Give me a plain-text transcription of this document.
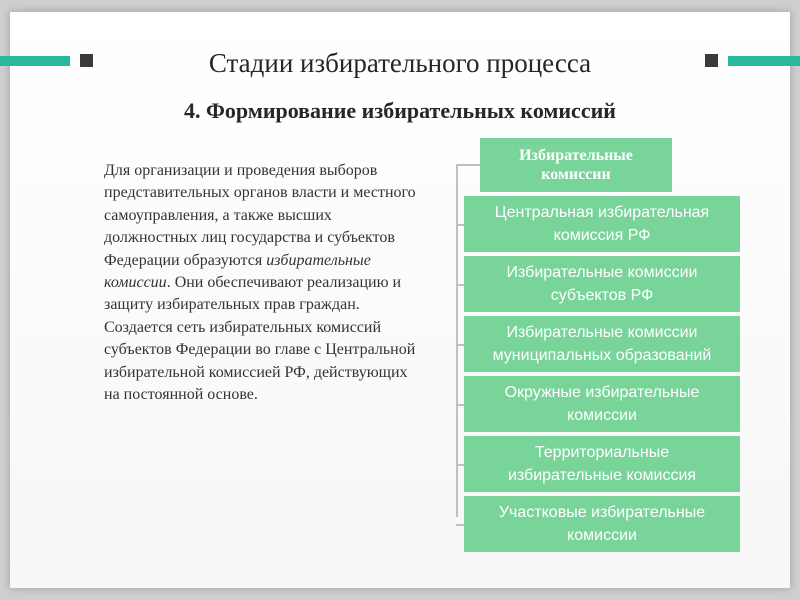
Стадии избирательного процесса
4. Формирование избирательных комиссий
Для организации и проведения выборов представительных органов власти и местного самоуправления, а также высших должностных лиц государства и субъектов Федерации образуются избирательные комиссии. Они обеспечивают реализацию и защиту избирательных прав граждан. Создается сеть избирательных комиссий субъектов Федерации во главе с Центральной избирательной комиссией РФ, действующих на постоянной основе.
Избирательные
комиссии
Центральная избирательная
комиссия РФ
Избирательные комиссии
субъектов РФ
Избирательные комиссии
муниципальных образований
Окружные избирательные
комиссии
Территориальные
избирательные комиссия
Участковые избирательные
комиссии
